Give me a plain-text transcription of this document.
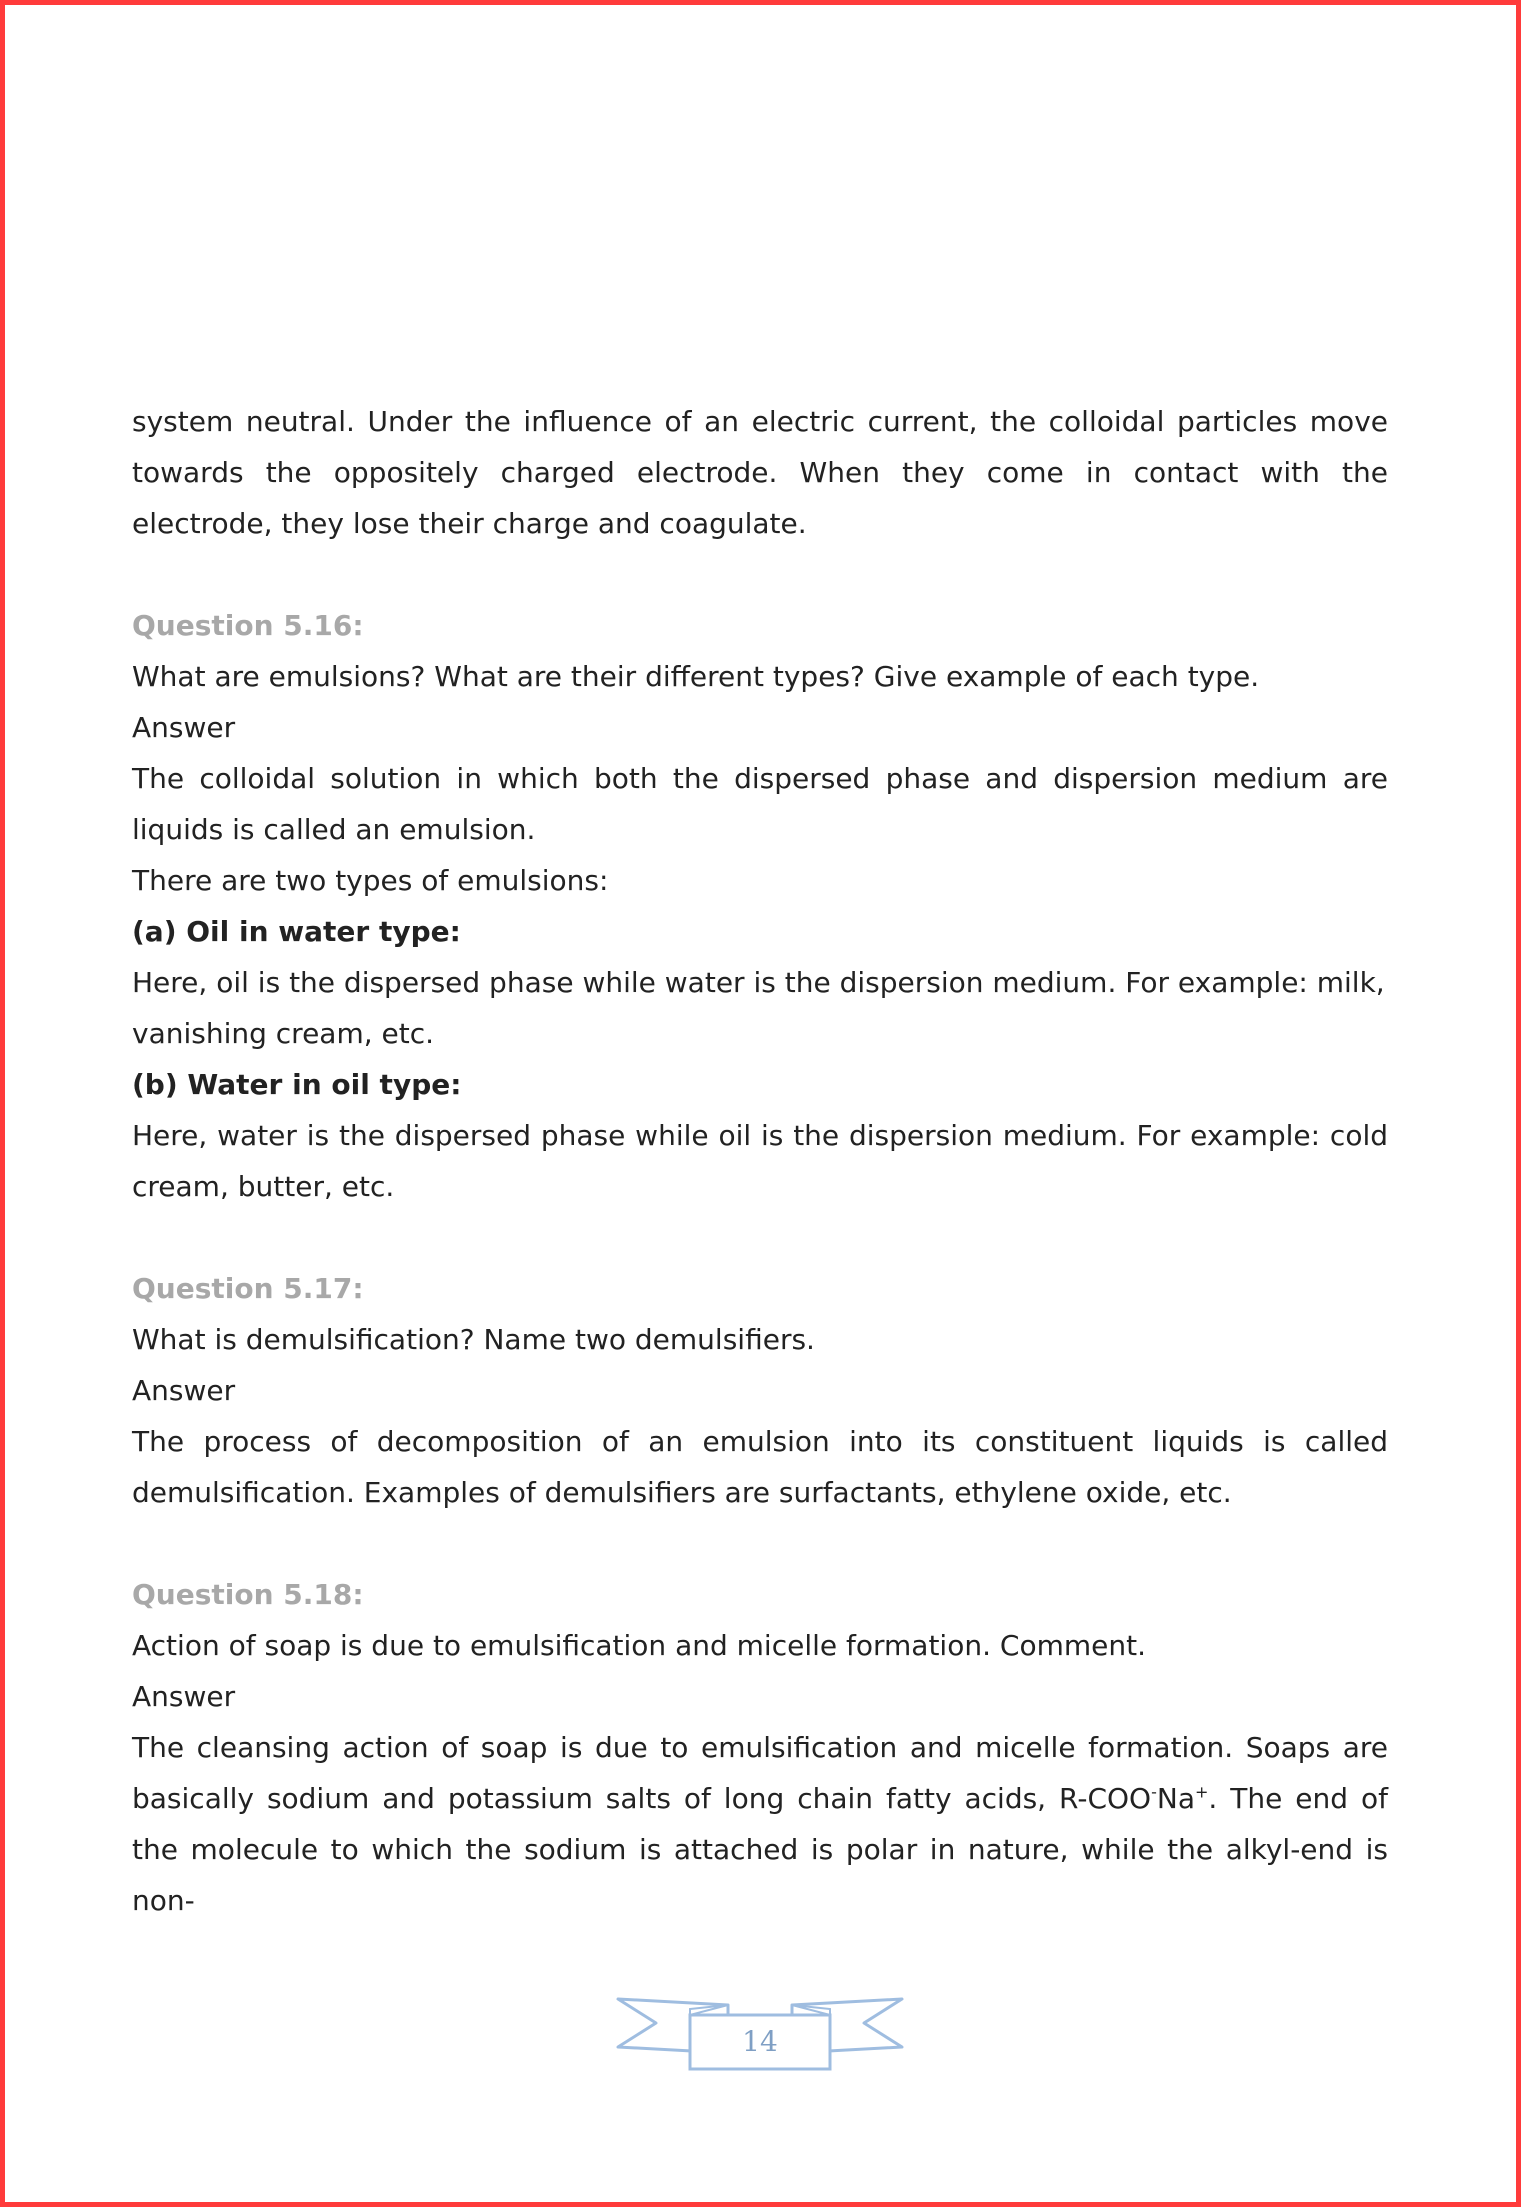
system neutral. Under the influence of an electric current, the colloidal particles move towards the oppositely charged electrode. When they come in contact with the electrode, they lose their charge and coagulate.

Question 5.16:

What are emulsions? What are their different types? Give example of each type.

Answer

The colloidal solution in which both the dispersed phase and dispersion medium are liquids is called an emulsion.

There are two types of emulsions:

(a) Oil in water type:

Here, oil is the dispersed phase while water is the dispersion medium. For example: milk, vanishing cream, etc.

(b) Water in oil type:

Here, water is the dispersed phase while oil is the dispersion medium. For example: cold cream, butter, etc.

Question 5.17:

What is demulsification? Name two demulsifiers.

Answer

The process of decomposition of an emulsion into its constituent liquids is called demulsification. Examples of demulsifiers are surfactants, ethylene oxide, etc.

Question 5.18:

Action of soap is due to emulsification and micelle formation. Comment.

Answer

The cleansing action of soap is due to emulsification and micelle formation. Soaps are basically sodium and potassium salts of long chain fatty acids, R-COO-Na+. The end of the molecule to which the sodium is attached is polar in nature, while the alkyl-end is non-

14
